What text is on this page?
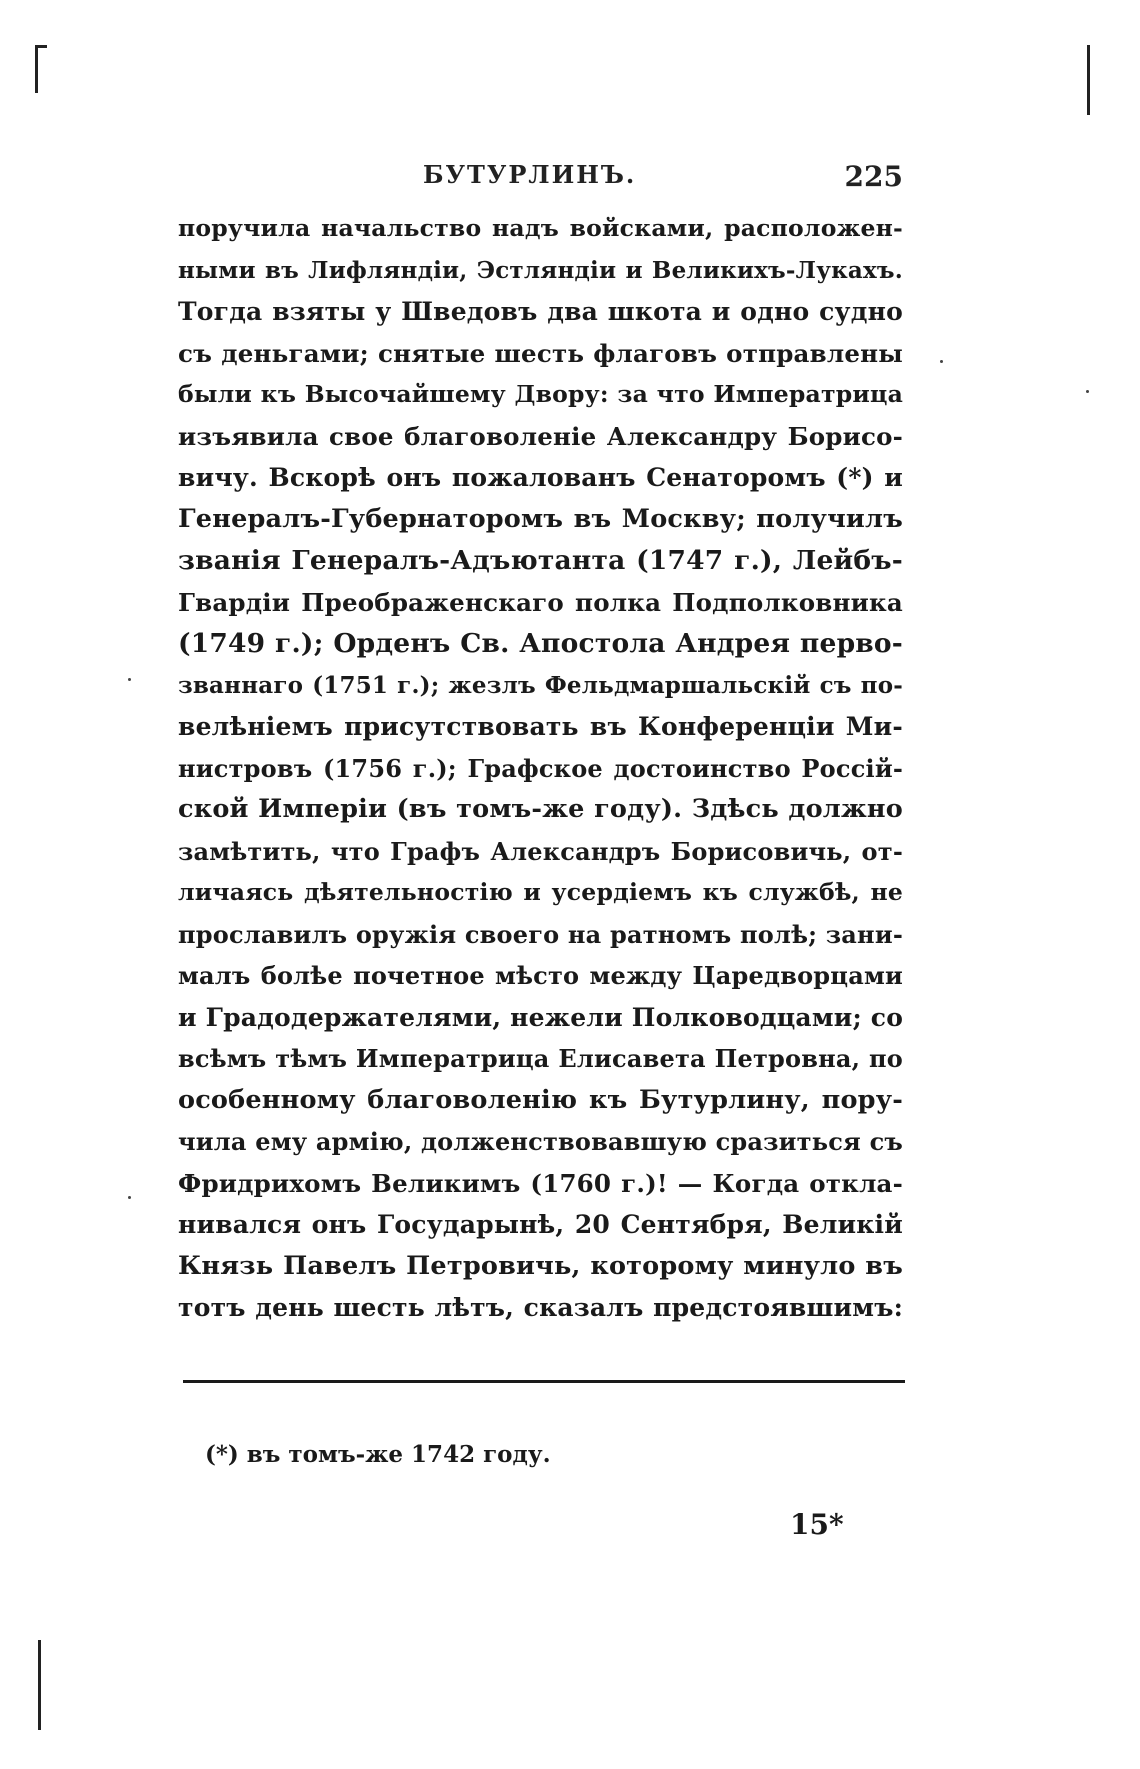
БУТУРЛИНЪ.	225
поручила начальство надъ войсками, расположен-
ными въ Лифляндіи, Эстляндіи и Великихъ-Лукахъ.
Тогда взяты у Шведовъ два шкота и одно судно
съ деньгами; снятые шесть флаговъ отправлены
были къ Высочайшему Двору: за что Императрица
изъявила свое благоволеніе Александру Борисо-
вичу. Вскорѣ онъ пожалованъ Сенаторомъ (*) и
Генералъ-Губернаторомъ въ Москву; получилъ
званія Генералъ-Адъютанта (1747 г.), Лейбъ-
Гвардіи Преображенскаго полка Подполковника
(1749 г.); Орденъ Св. Апостола Андрея перво-
званнаго (1751 г.); жезлъ Фельдмаршальскій съ по-
велѣніемъ присутствовать въ Конференціи Ми-
нистровъ (1756 г.); Графское достоинство Россій-
ской Имперіи (въ томъ-же году). Здѣсь должно
замѣтить, что Графъ Александръ Борисовичь, от-
личаясь дѣятельностію и усердіемъ къ службѣ, не
прославилъ оружія своего на ратномъ полѣ; зани-
малъ болѣе почетное мѣсто между Царедворцами
и Градодержателями, нежели Полководцами; со
всѣмъ тѣмъ Императрица Елисавета Петровна, по
особенному благоволенію къ Бутурлину, пору-
чила ему армію, долженствовавшую сразиться съ
Фридрихомъ Великимъ (1760 г.)! — Когда откла-
нивался онъ Государынѣ, 20 Сентября, Великій
Князь Павелъ Петровичь, которому минуло въ
тотъ день шесть лѣтъ, сказалъ предстоявшимъ:
(*) въ томъ-же 1742 году.
15*
